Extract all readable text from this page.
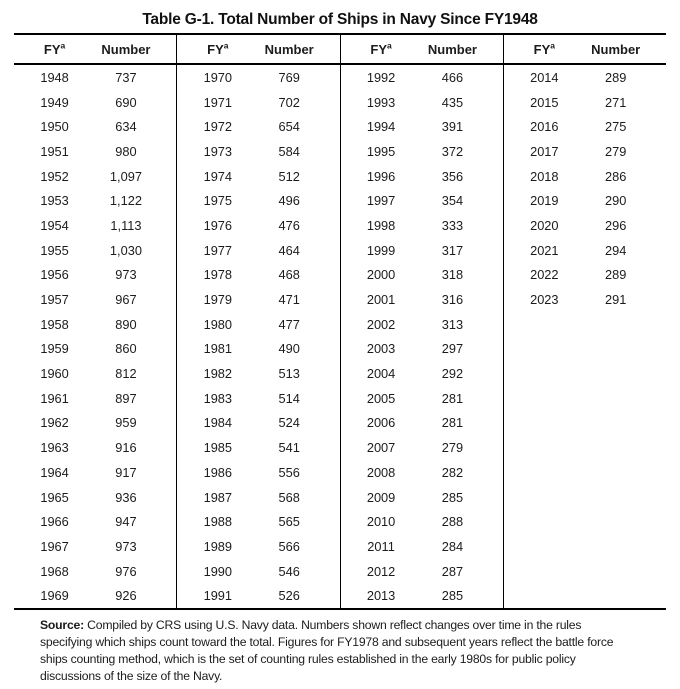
Table G-1. Total Number of Ships in Navy Since FY1948
FY$^a$	Number
1948	737
1949	690
1950	634
1951	980
1952	1,097
1953	1,122
1954	1,113
1955	1,030
1956	973
1957	967
1958	890
1959	860
1960	812
1961	897
1962	959
1963	916
1964	917
1965	936
1966	947
1967	973
1968	976
1969	926
FY$^a$	Number
1970	769
1971	702
1972	654
1973	584
1974	512
1975	496
1976	476
1977	464
1978	468
1979	471
1980	477
1981	490
1982	513
1983	514
1984	524
1985	541
1986	556
1987	568
1988	565
1989	566
1990	546
1991	526
FY$^a$	Number
1992	466
1993	435
1994	391
1995	372
1996	356
1997	354
1998	333
1999	317
2000	318
2001	316
2002	313
2003	297
2004	292
2005	281
2006	281
2007	279
2008	282
2009	285
2010	288
2011	284
2012	287
2013	285
FY$^a$	Number
2014	289
2015	271
2016	275
2017	279
2018	286
2019	290
2020	296
2021	294
2022	289
2023	291
Source: Compiled by CRS using U.S. Navy data. Numbers shown reflect changes over time in the rules
specifying which ships count toward the total. Figures for FY1978 and subsequent years reflect the battle force
ships counting method, which is the set of counting rules established in the early 1980s for public policy
discussions of the size of the Navy.
